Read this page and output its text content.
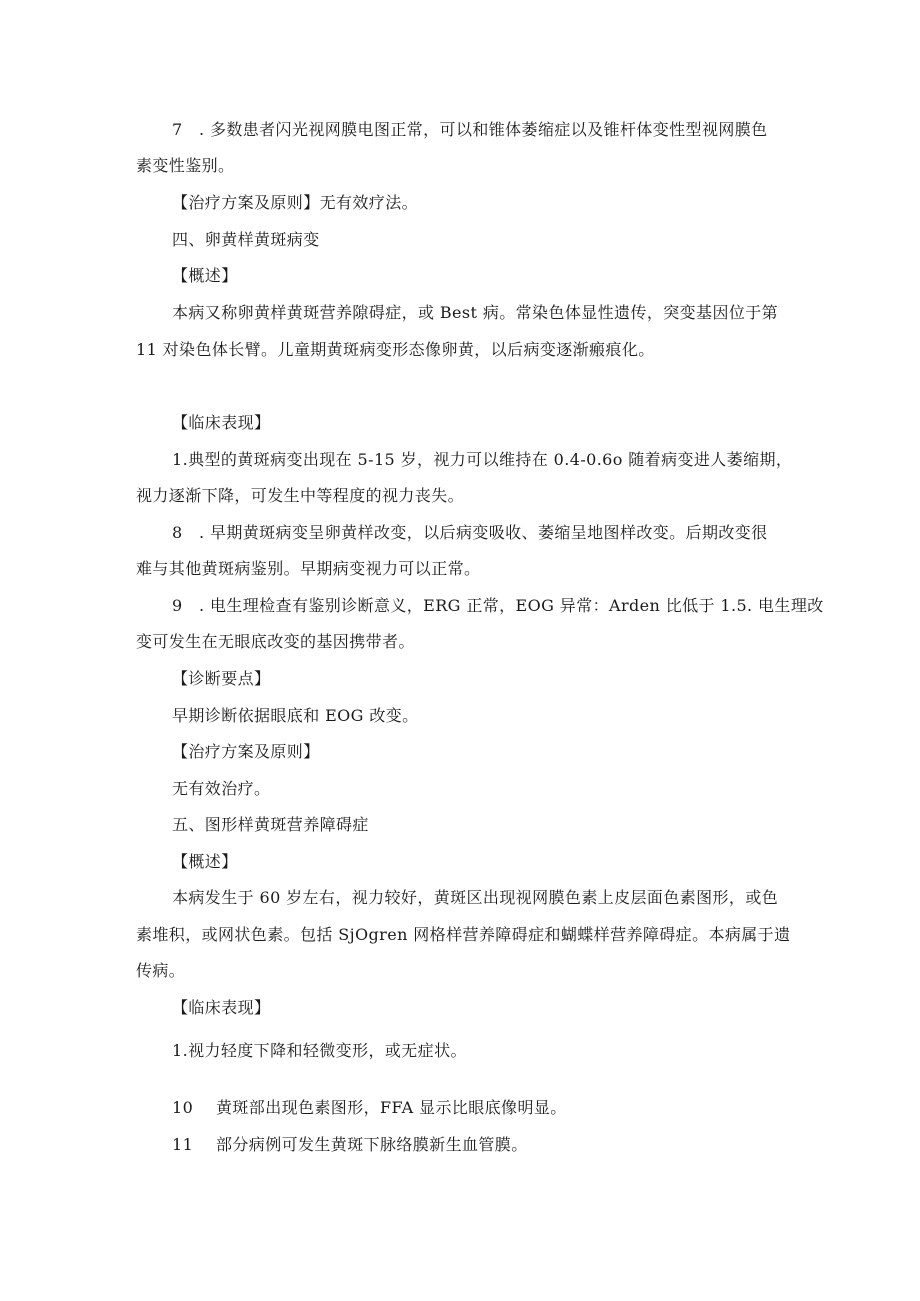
7　. 多数患者闪光视网膜电图正常，可以和锥体萎缩症以及锥杆体变性型视网膜色
素变性鉴别。
【治疗方案及原则】无有效疗法。
四、卵黄样黄斑病变
【概述】
本病又称卵黄样黄斑营养隙碍症，或 Best 病。常染色体显性遗传，突变基因位于第
11 对染色体长臂。儿童期黄斑病变形态像卵黄，以后病变逐渐瘢痕化。
【临床表现】
1.典型的黄斑病变出现在 5-15 岁，视力可以维持在 0.4-0.6o 随着病变进人萎缩期，
视力逐渐下降，可发生中等程度的视力丧失。
8　. 早期黄斑病变呈卵黄样改变，以后病变吸收、萎缩呈地图样改变。后期改变很
难与其他黄斑病鉴别。早期病变视力可以正常。
9　. 电生理检查有鉴别诊断意义，ERG 正常，EOG 异常：Arden 比低于 1.5. 电生理改
变可发生在无眼底改变的基因携带者。
【诊断要点】
早期诊断依据眼底和 EOG 改变。
【治疗方案及原则】
无有效治疗。
五、图形样黄斑营养障碍症
【概述】
本病发生于 60 岁左右，视力较好，黄斑区出现视网膜色素上皮层面色素图形，或色
素堆积，或网状色素。包括 SjOgren 网格样营养障碍症和蝴蝶样营养障碍症。本病属于遗
传病。
【临床表现】
1.视力轻度下降和轻微变形，或无症状。
10 黄斑部出现色素图形，FFA 显示比眼底像明显。
11 部分病例可发生黄斑下脉络膜新生血管膜。
